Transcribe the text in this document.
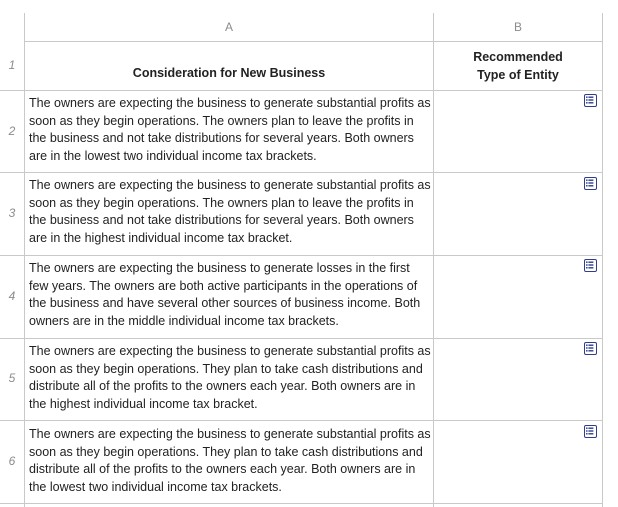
A	B
1
Consideration for New Business
Recommended
Type of Entity
2
The owners are expecting the business to generate substantial profits as soon as they begin operations. The owners plan to leave the profits in the business and not take distributions for several years. Both owners are in the lowest two individual income tax brackets.
3
The owners are expecting the business to generate substantial profits as soon as they begin operations. The owners plan to leave the profits in the business and not take distributions for several years. Both owners are in the highest individual income tax bracket.
4
The owners are expecting the business to generate losses in the first few years. The owners are both active participants in the operations of the business and have several other sources of business income. Both owners are in the middle individual income tax brackets.
5
The owners are expecting the business to generate substantial profits as soon as they begin operations. They plan to take cash distributions and distribute all of the profits to the owners each year. Both owners are in the highest individual income tax bracket.
6
The owners are expecting the business to generate substantial profits as soon as they begin operations. They plan to take cash distributions and distribute all of the profits to the owners each year. Both owners are in the lowest two individual income tax brackets.
